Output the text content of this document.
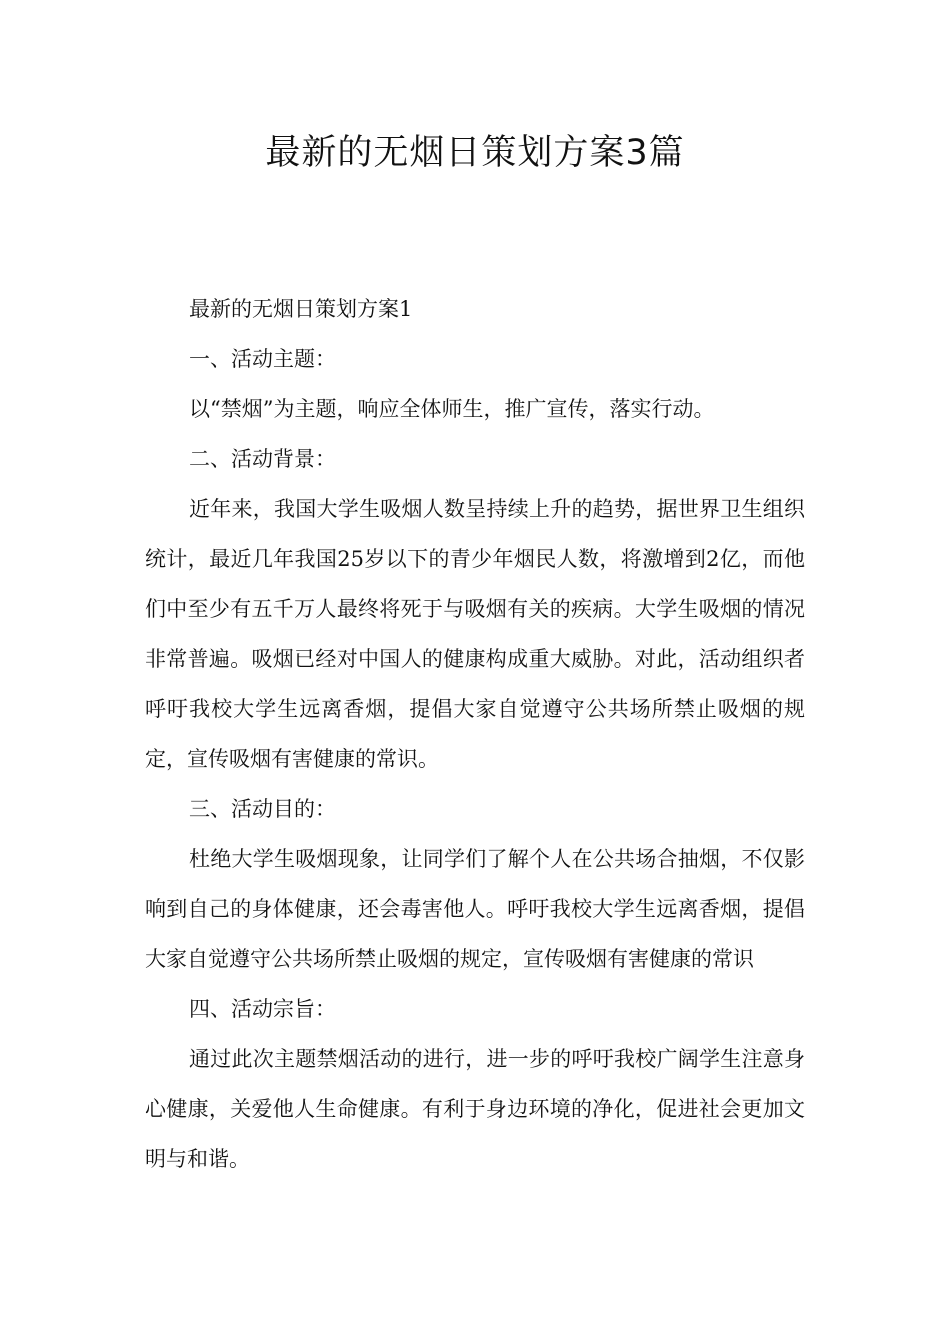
最新的无烟日策划方案3篇

最新的无烟日策划方案1

一、活动主题：

以“禁烟”为主题，响应全体师生，推广宣传，落实行动。

二、活动背景：

近年来，我国大学生吸烟人数呈持续上升的趋势，据世界卫生组织统计，最近几年我国25岁以下的青少年烟民人数，将激增到2亿，而他们中至少有五千万人最终将死于与吸烟有关的疾病。大学生吸烟的情况非常普遍。吸烟已经对中国人的健康构成重大威胁。对此，活动组织者呼吁我校大学生远离香烟，提倡大家自觉遵守公共场所禁止吸烟的规定，宣传吸烟有害健康的常识。

三、活动目的：

杜绝大学生吸烟现象，让同学们了解个人在公共场合抽烟，不仅影响到自己的身体健康，还会毒害他人。呼吁我校大学生远离香烟，提倡大家自觉遵守公共场所禁止吸烟的规定，宣传吸烟有害健康的常识

四、活动宗旨：

通过此次主题禁烟活动的进行，进一步的呼吁我校广阔学生注意身心健康，关爱他人生命健康。有利于身边环境的净化，促进社会更加文明与和谐。
